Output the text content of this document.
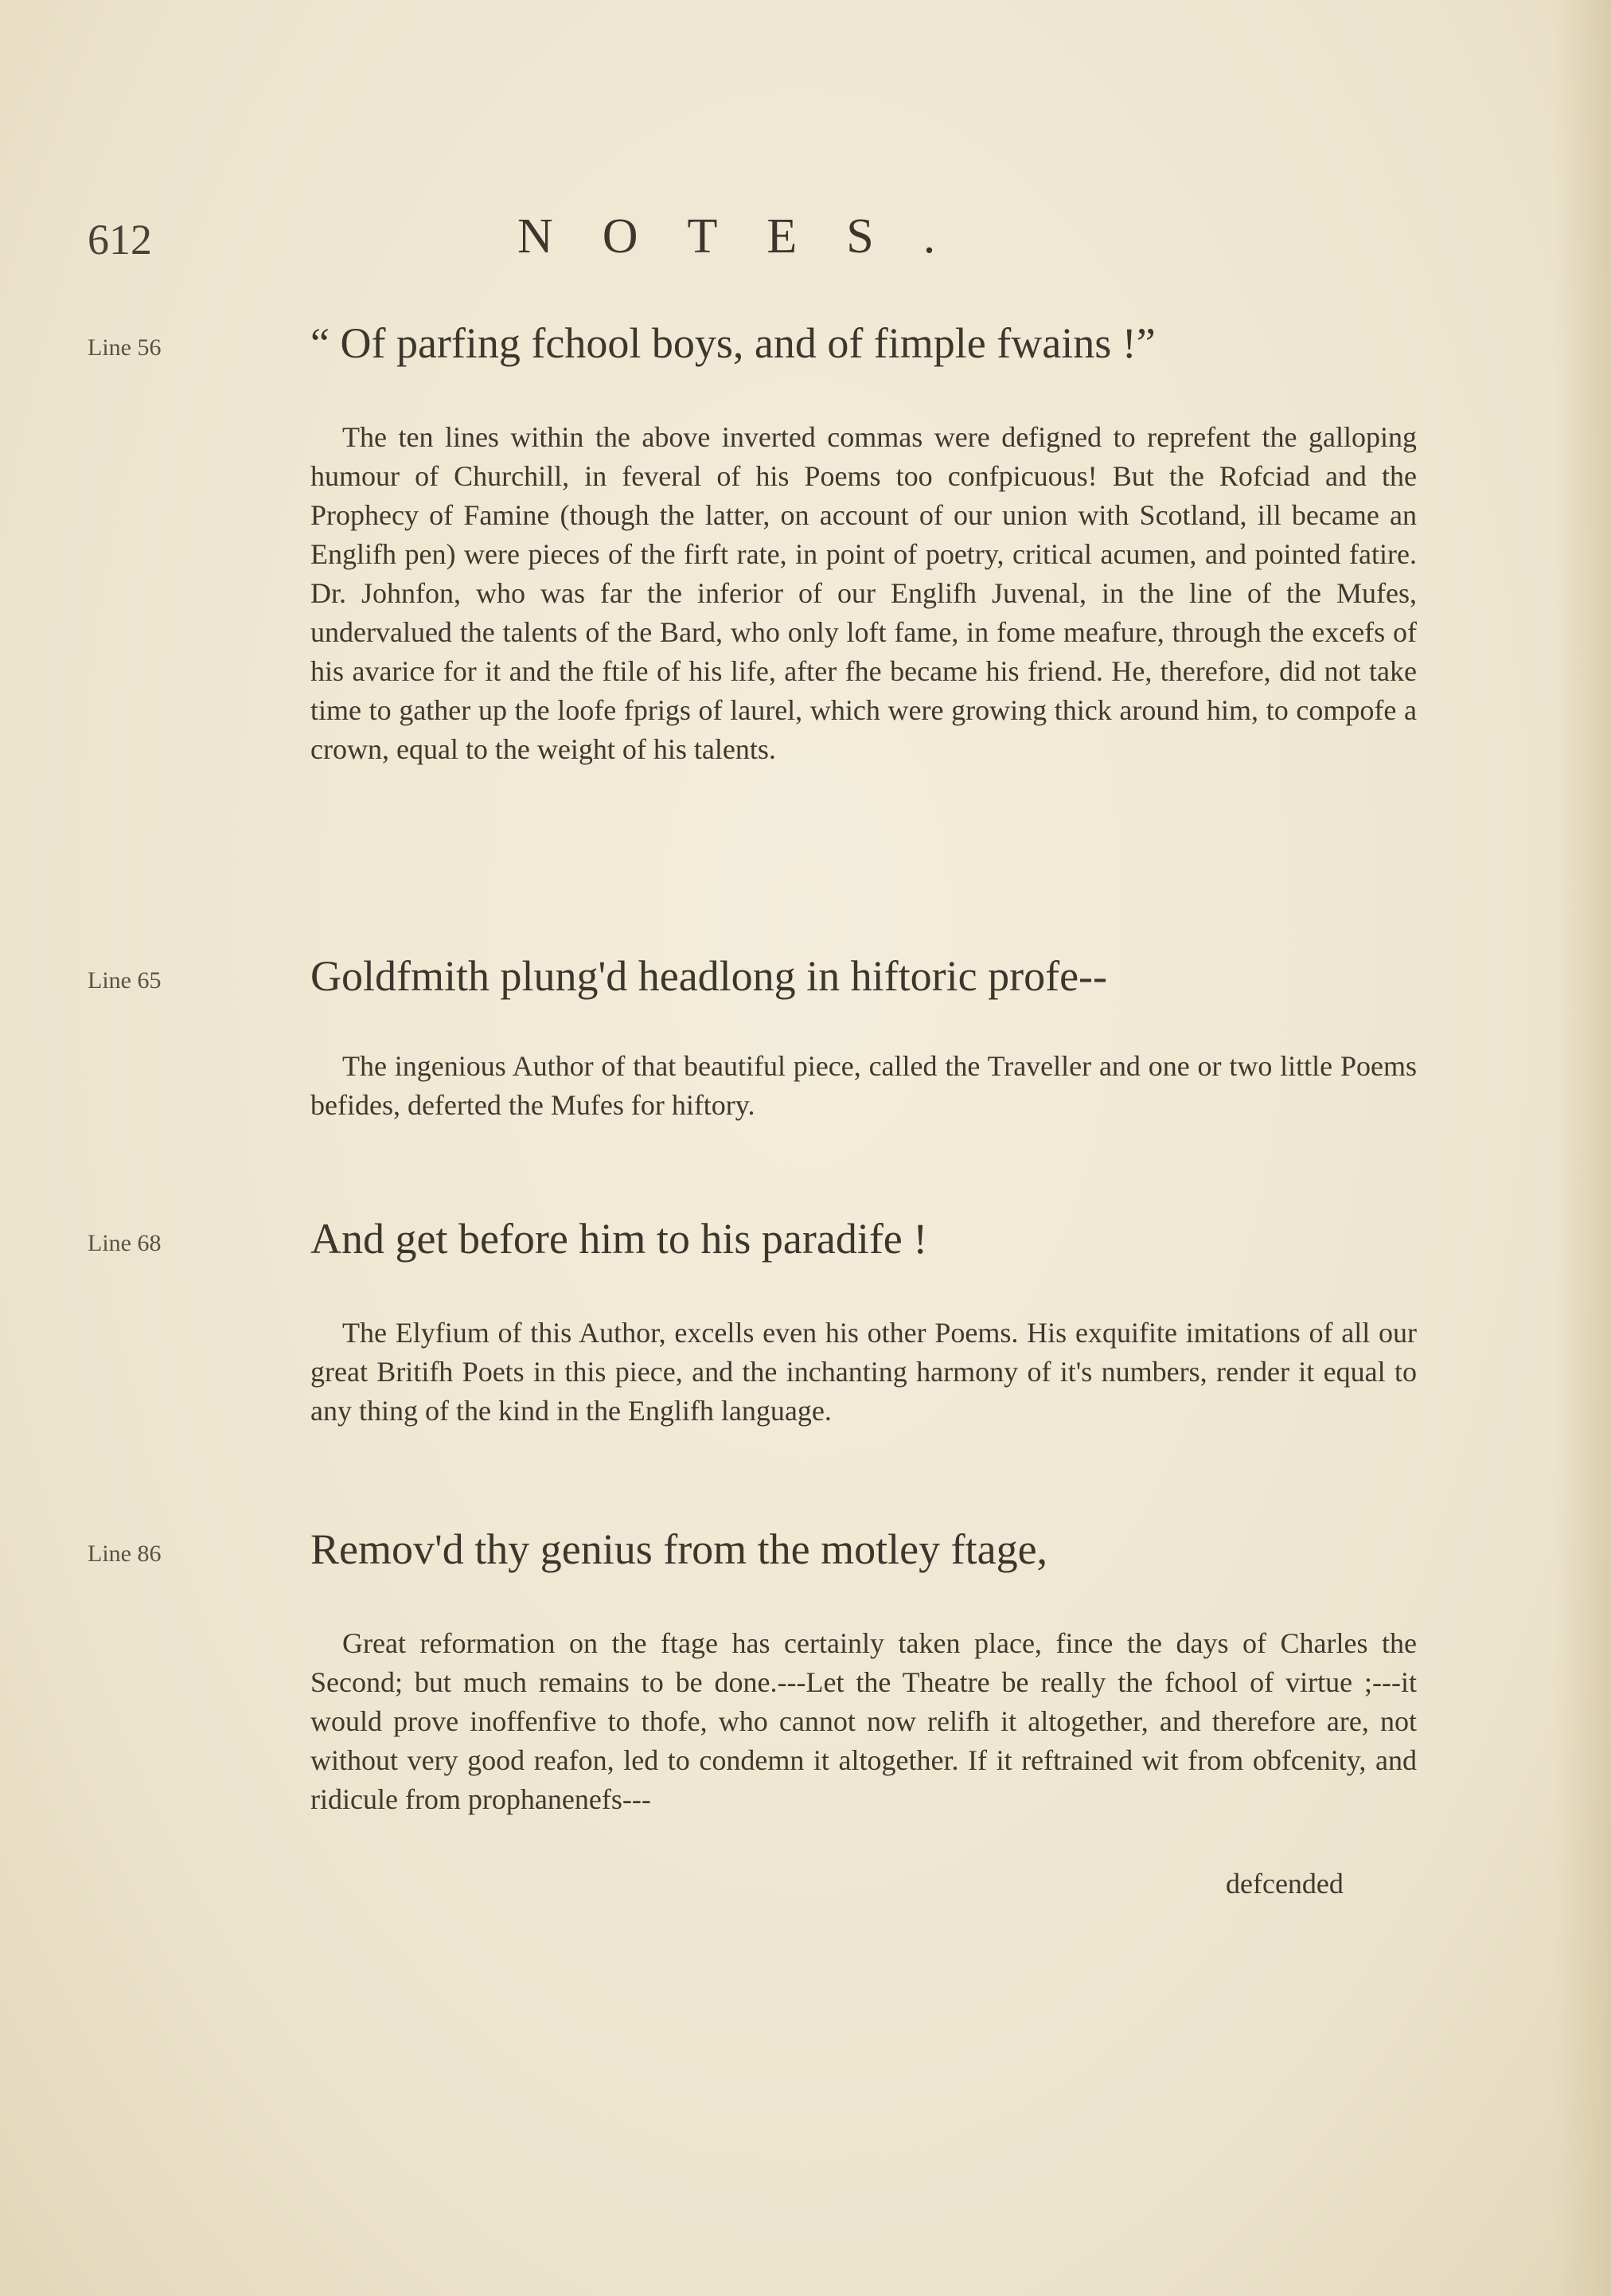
612	NOTES.
Line 56	“ Of parfing fchool boys, and of fimple fwains !”
The ten lines within the above inverted commas were defigned to reprefent the galloping humour of Churchill, in feveral of his Poems too confpicuous! But the Rofciad and the Prophecy of Famine (though the latter, on account of our union with Scotland, ill became an Englifh pen) were pieces of the firft rate, in point of poetry, critical acumen, and pointed fatire. Dr. Johnfon, who was far the inferior of our Englifh Juvenal, in the line of the Mufes, undervalued the talents of the Bard, who only loft fame, in fome meafure, through the excefs of his avarice for it and the ftile of his life, after fhe became his friend. He, therefore, did not take time to gather up the loofe fprigs of laurel, which were growing thick around him, to compofe a crown, equal to the weight of his talents.
Line 65	Goldfmith plung'd headlong in hiftoric profe--
The ingenious Author of that beautiful piece, called the Traveller and one or two little Poems befides, deferted the Mufes for hiftory.
Line 68	And get before him to his paradife !
The Elyfium of this Author, excells even his other Poems. His exquifite imitations of all our great Britifh Poets in this piece, and the inchanting harmony of it's numbers, render it equal to any thing of the kind in the Englifh language.
Line 86	Remov'd thy genius from the motley ftage,
Great reformation on the ftage has certainly taken place, fince the days of Charles the Second; but much remains to be done.---Let the Theatre be really the fchool of virtue ;---it would prove inoffenfive to thofe, who cannot now relifh it altogether, and therefore are, not without very good reafon, led to condemn it altogether. If it reftrained wit from obfcenity, and ridicule from prophanenefs---
defcended
